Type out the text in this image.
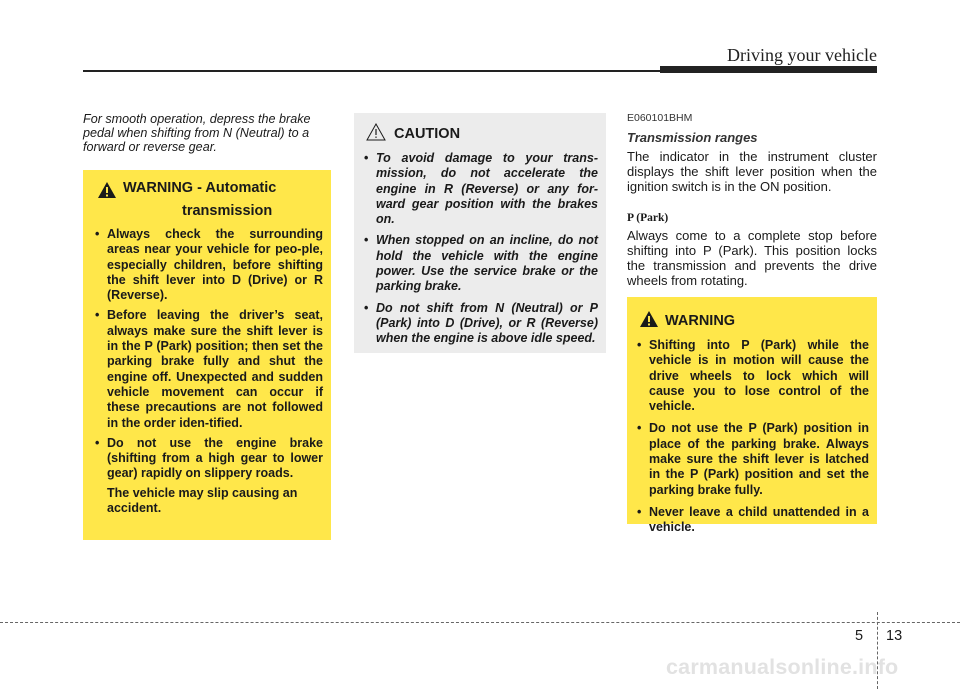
Driving your vehicle
For smooth operation, depress the brake pedal when shifting from N (Neutral) to a forward or reverse gear.
WARNING - Automatic
transmission
• Always check the surrounding areas near your vehicle for peo-ple, especially children, before shifting the shift lever into D (Drive) or R (Reverse).
• Before leaving the driver’s seat, always make sure the shift lever is in the P (Park) position; then set the parking brake fully and shut the engine off. Unexpected and sudden vehicle movement can occur if these precautions are not followed in the order iden-tified.
• Do not use the engine brake (shifting from a high gear to lower gear) rapidly on slippery roads.
The vehicle may slip causing an accident.
CAUTION
• To avoid damage to your trans-mission, do not accelerate the engine in R (Reverse) or any for-ward gear position with the brakes on.
• When stopped on an incline, do not hold the vehicle with the engine power. Use the service brake or the parking brake.
• Do not shift from N (Neutral) or P (Park) into D (Drive), or R (Reverse) when the engine is above idle speed.
E060101BHM
Transmission ranges

The indicator in the instrument cluster displays the shift lever position when the ignition switch is in the ON position.

P (Park)

Always come to a complete stop before shifting into P (Park). This position locks the transmission and prevents the drive wheels from rotating.

WARNING
• Shifting into P (Park) while the vehicle is in motion will cause the drive wheels to lock which will cause you to lose control of the vehicle.
• Do not use the P (Park) position in place of the parking brake. Always make sure the shift lever is latched in the P (Park) position and set the parking brake fully.
• Never leave a child unattended in a vehicle.
5 13
carmanualsonline.info
